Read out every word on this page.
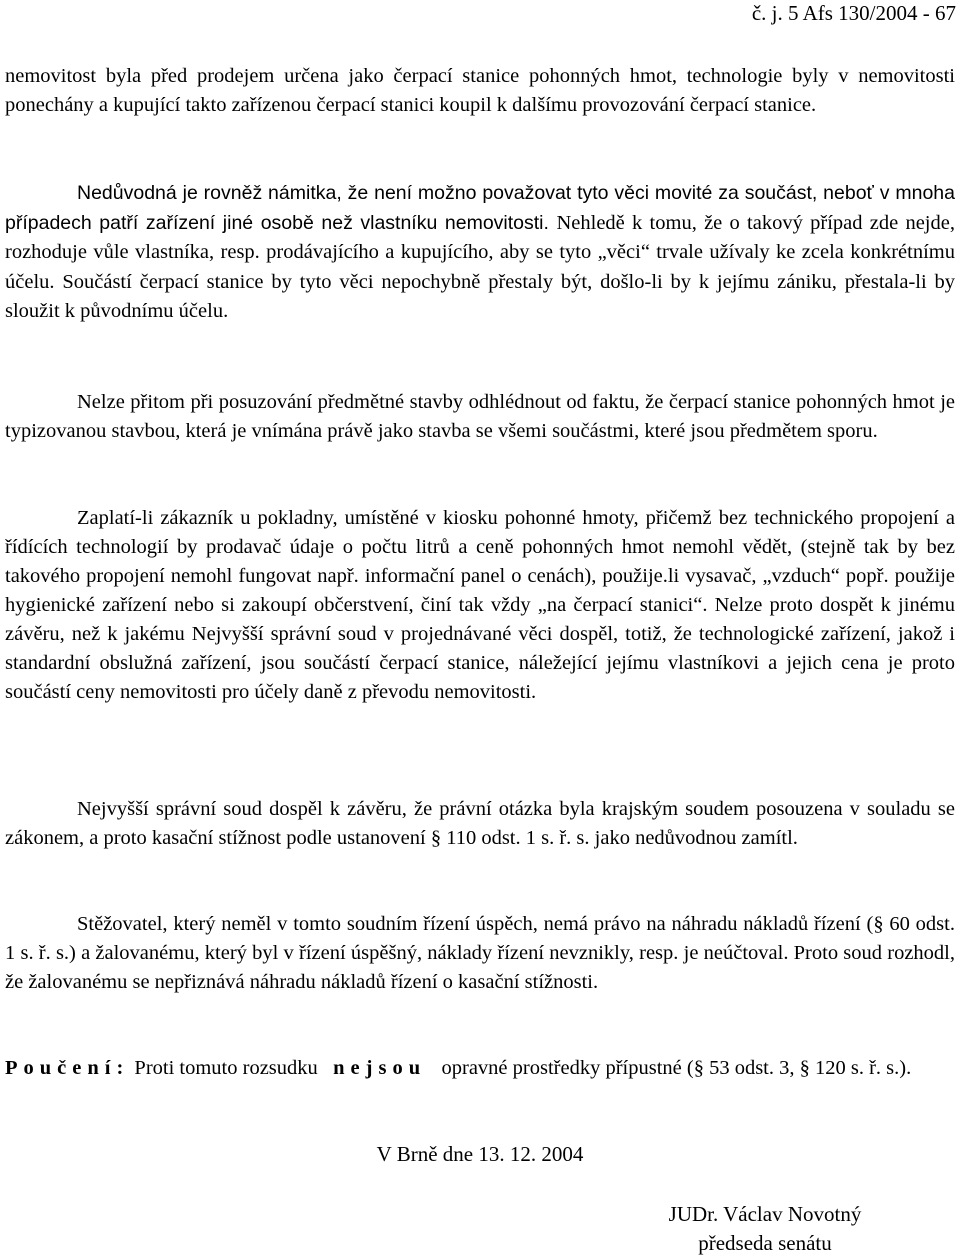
č. j. 5 Afs 130/2004 - 67

nemovitost byla před prodejem určena jako čerpací stanice pohonných hmot, technologie byly v nemovitosti ponechány a kupující takto zařízenou čerpací stanici koupil k dalšímu provozování čerpací stanice.

Nedůvodná je rovněž námitka, že není možno považovat tyto věci movité za součást, neboť v mnoha případech patří zařízení jiné osobě než vlastníku nemovitosti. Nehledě k tomu, že o takový případ zde nejde, rozhoduje vůle vlastníka, resp. prodávajícího a kupujícího, aby se tyto „věci“ trvale užívaly ke zcela konkrétnímu účelu. Součástí čerpací stanice by tyto věci nepochybně přestaly být, došlo-li by k jejímu zániku, přestala-li by sloužit k původnímu účelu.

Nelze přitom při posuzování předmětné stavby odhlédnout od faktu, že čerpací stanice pohonných hmot je typizovanou stavbou, která je vnímána právě jako stavba se všemi součástmi, které jsou předmětem sporu.

Zaplatí-li zákazník u pokladny, umístěné v kiosku pohonné hmoty, přičemž bez technického propojení a řídících technologií by prodavač údaje o počtu litrů a ceně pohonných hmot nemohl vědět, (stejně tak by bez takového propojení nemohl fungovat např. informační panel o cenách), použije.li vysavač, „vzduch“ popř. použije hygienické zařízení nebo si zakoupí občerstvení, činí tak vždy „na čerpací stanici“. Nelze proto dospět k jinému závěru, než k jakému Nejvyšší správní soud v projednávané věci dospěl, totiž, že technologické zařízení, jakož i standardní obslužná zařízení, jsou součástí čerpací stanice, náležející jejímu vlastníkovi a jejich cena je proto součástí ceny nemovitosti pro účely daně z převodu nemovitosti.

Nejvyšší správní soud dospěl k závěru, že právní otázka byla krajským soudem posouzena v souladu se zákonem, a proto kasační stížnost podle ustanovení § 110 odst. 1 s. ř. s. jako nedůvodnou zamítl.

Stěžovatel, který neměl v tomto soudním řízení úspěch, nemá právo na náhradu nákladů řízení (§ 60 odst. 1 s. ř. s.) a žalovanému, který byl v řízení úspěšný, náklady řízení nevznikly, resp. je neúčtoval. Proto soud rozhodl, že žalovanému se nepřiznává náhradu nákladů řízení o kasační stížnosti.

Poučení: Proti tomuto rozsudku nejsou opravné prostředky přípustné (§ 53 odst. 3, § 120 s. ř. s.).

V Brně dne 13. 12. 2004
JUDr. Václav Novotný
předseda senátu
